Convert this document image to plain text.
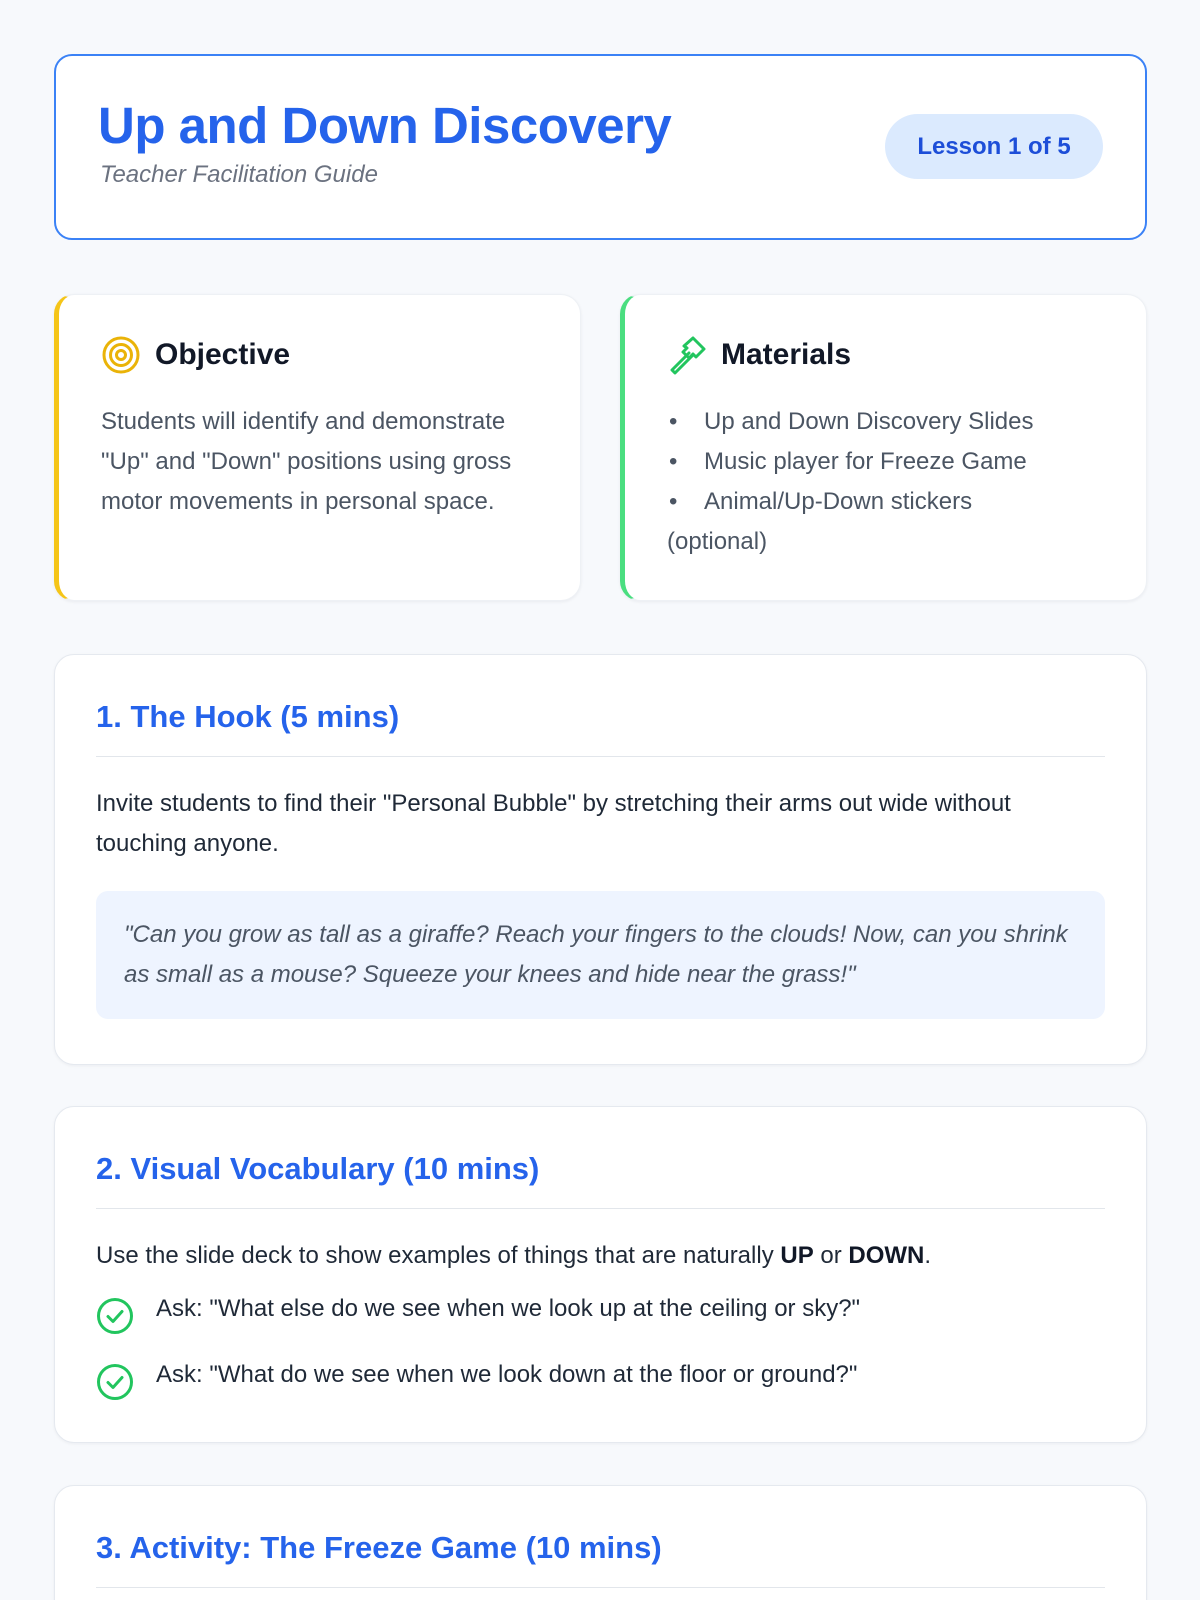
Up and Down Discovery
Teacher Facilitation Guide
Lesson 1 of 5
Objective
Students will identify and demonstrate "Up" and "Down" positions using gross motor movements in personal space.
Materials
• Up and Down Discovery Slides
• Music player for Freeze Game
• Animal/Up-Down stickers
(optional)
1. The Hook (5 mins)

Invite students to find their "Personal Bubble" by stretching their arms out wide without touching anyone.

"Can you grow as tall as a giraffe? Reach your fingers to the clouds! Now, can you shrink as small as a mouse? Squeeze your knees and hide near the grass!"
2. Visual Vocabulary (10 mins)

Use the slide deck to show examples of things that are naturally UP or DOWN.

Ask: "What else do we see when we look up at the ceiling or sky?"
Ask: "What do we see when we look down at the floor or ground?"
3. Activity: The Freeze Game (10 mins)
